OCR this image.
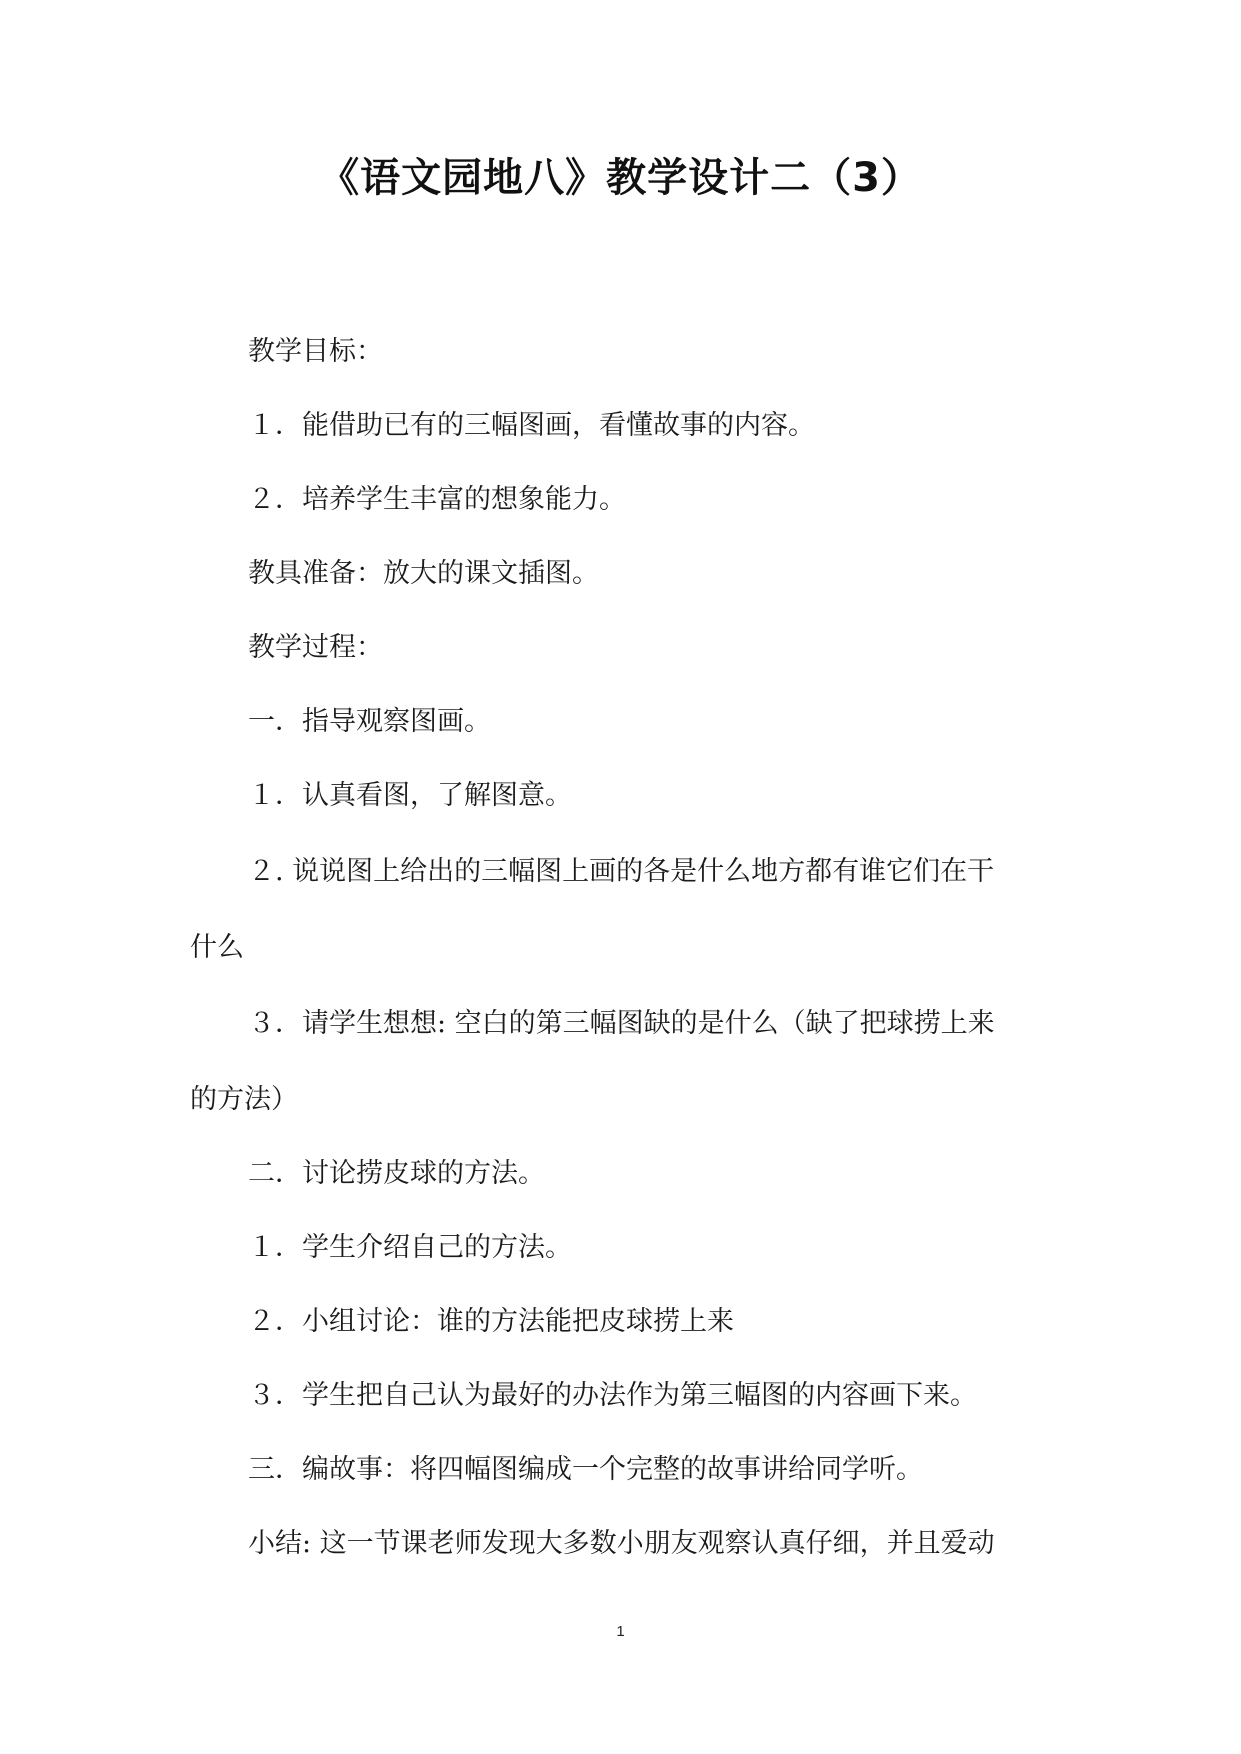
《语文园地八》教学设计二（3）
教学目标：
１．能借助已有的三幅图画，看懂故事的内容。
２．培养学生丰富的想象能力。
教具准备：放大的课文插图。
教学过程：
一．指导观察图画。
１．认真看图，了解图意。
２. 说说图上给出的三幅图上画的各是什么地方都有谁它们在干
什么
３．请学生想想: 空白的第三幅图缺的是什么（缺了把球捞上来
的方法）
二．讨论捞皮球的方法。
１．学生介绍自己的方法。
２．小组讨论：谁的方法能把皮球捞上来
３．学生把自己认为最好的办法作为第三幅图的内容画下来。
三．编故事：将四幅图编成一个完整的故事讲给同学听。
小结: 这一节课老师发现大多数小朋友观察认真仔细，并且爱动
1
